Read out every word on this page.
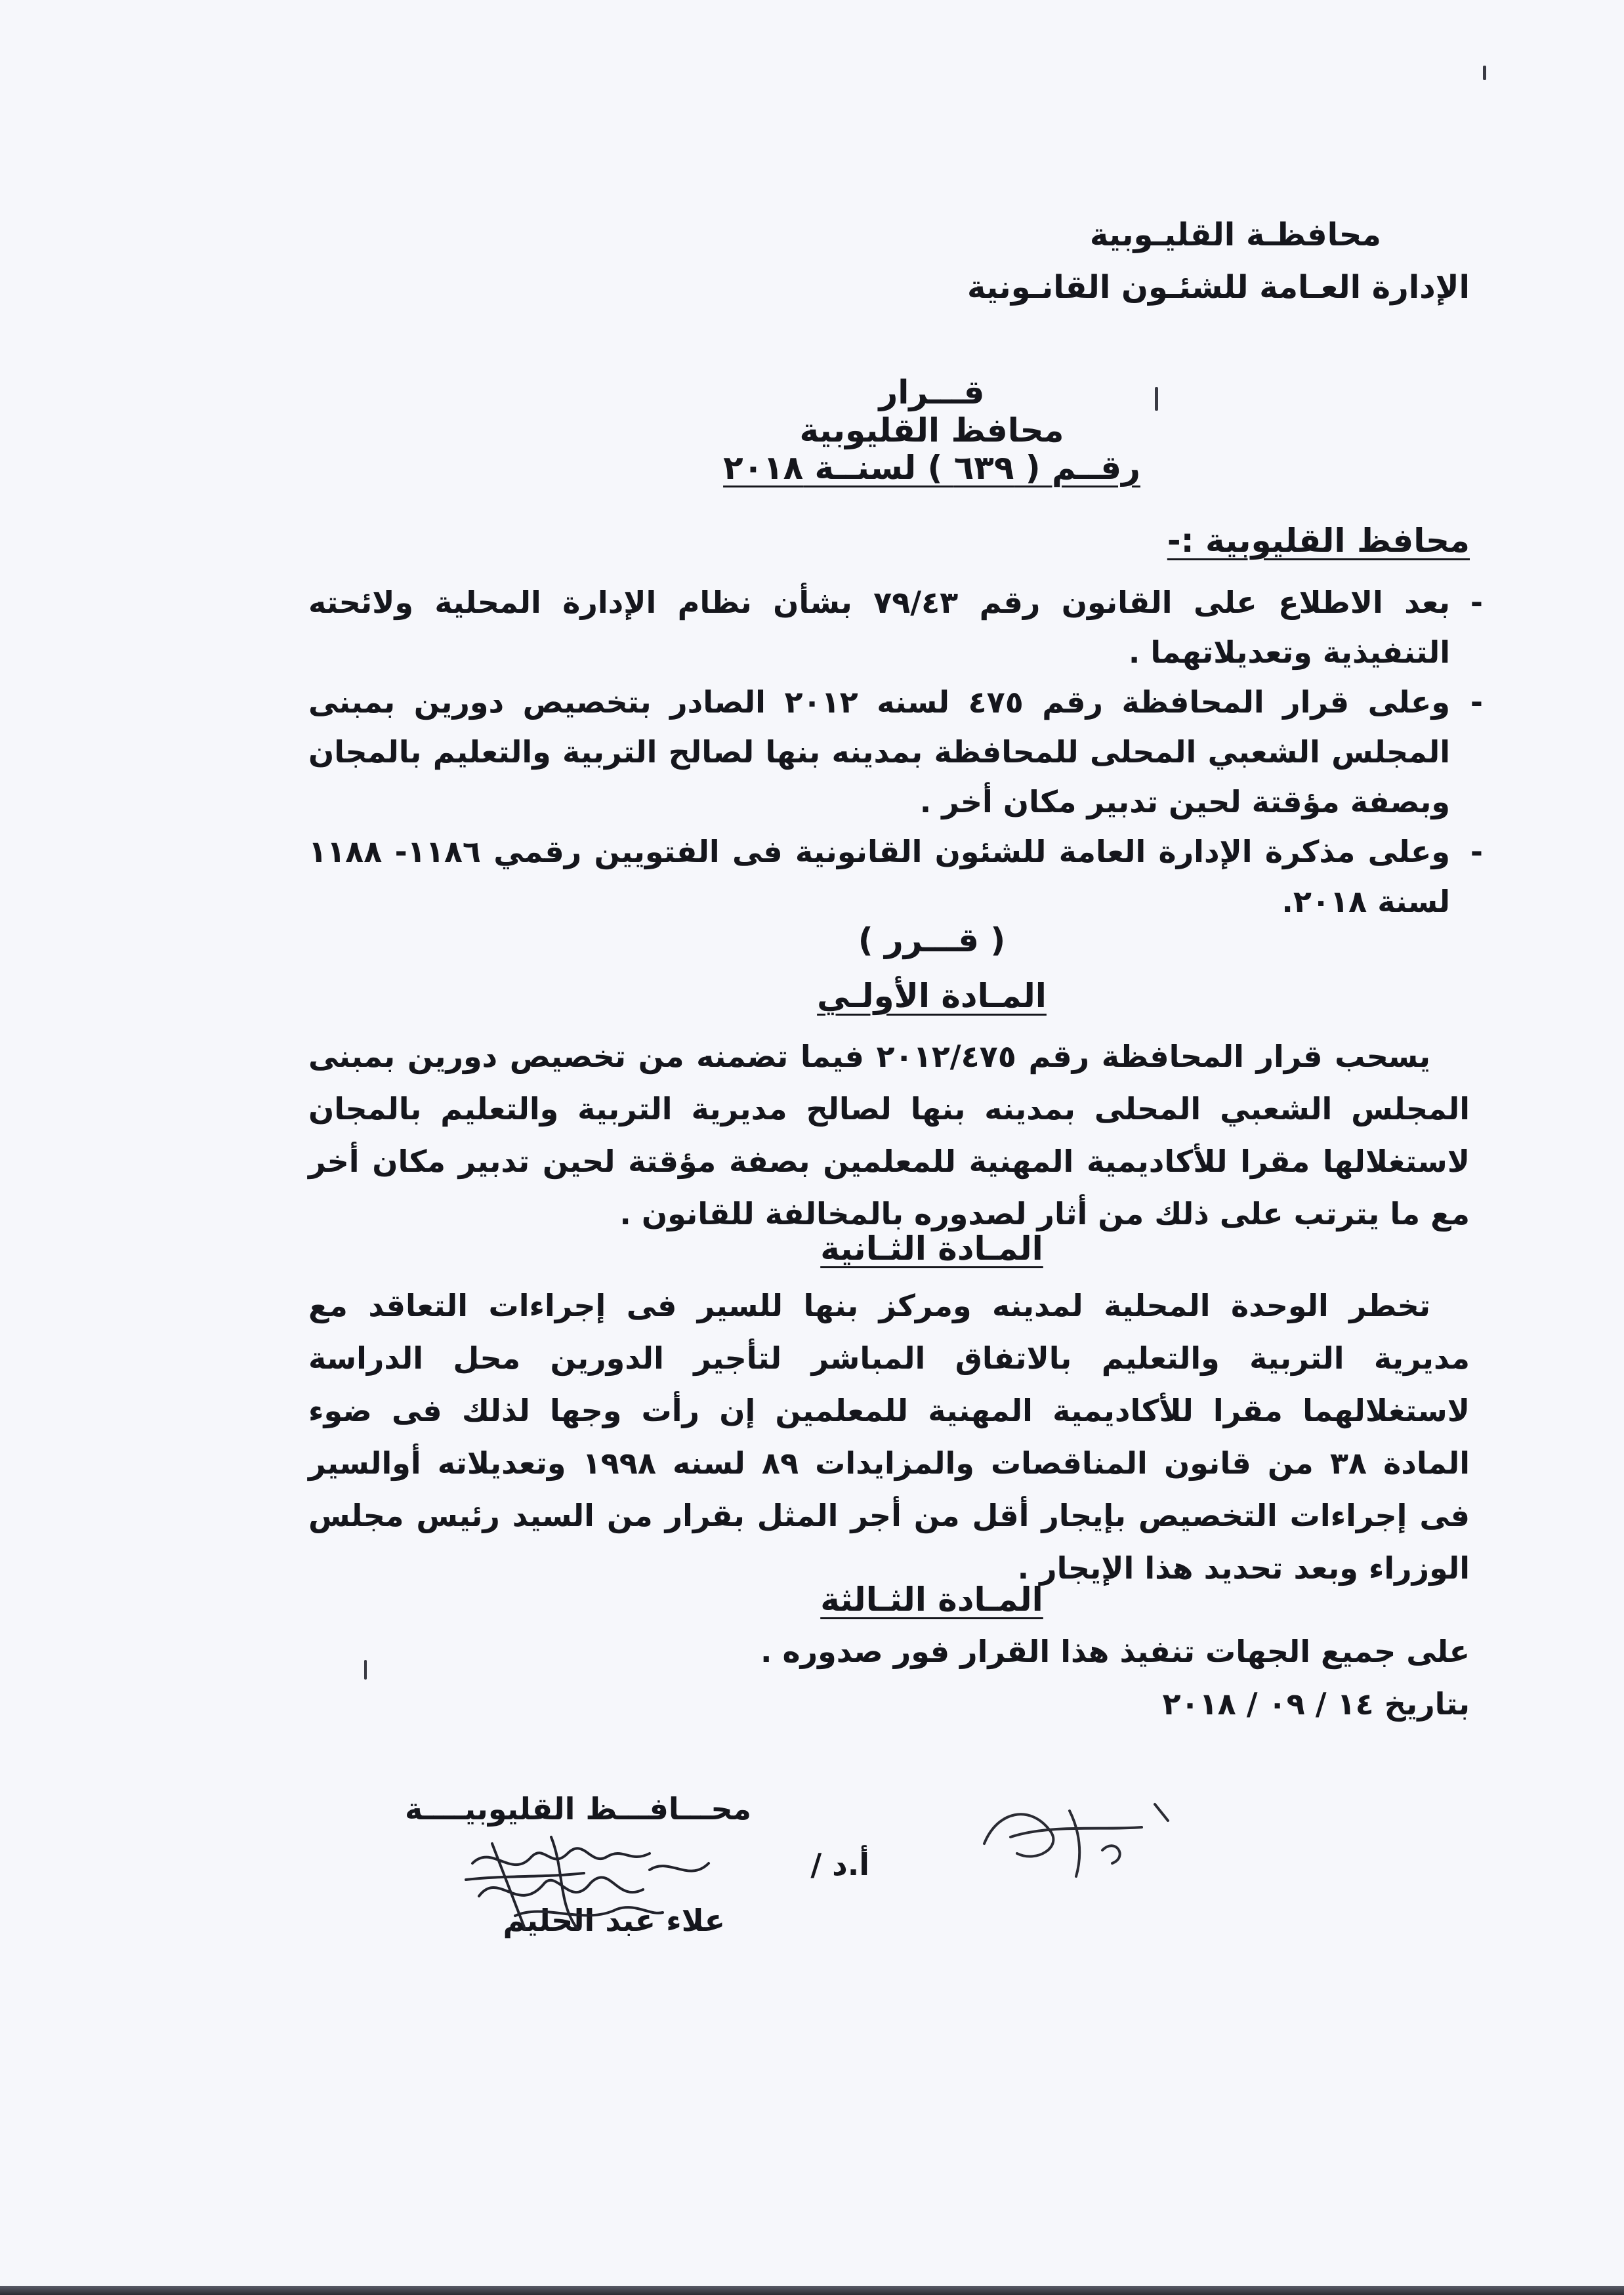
محافظـة القليـوبية
الإدارة العـامة للشئـون القانـونية
قـــرار
محافظ القليوبية
رقــم ( ٦٣٩ ) لسنــة ٢٠١٨
محافظ القليوبية :-
-
بعد الاطلاع على القانون رقم ٧٩/٤٣ بشأن نظام الإدارة المحلية ولائحته التنفيذية وتعديلاتهما .
-
وعلى قرار المحافظة رقم ٤٧٥ لسنه ٢٠١٢ الصادر بتخصيص دورين بمبنى المجلس الشعبي المحلى للمحافظة بمدينه بنها لصالح التربية والتعليم بالمجان وبصفة مؤقتة لحين تدبير مكان أخر .
-
وعلى مذكرة الإدارة العامة للشئون القانونية فى الفتويين رقمي ١١٨٦- ١١٨٨ لسنة ٢٠١٨.
( قـــرر )
المـادة الأولـي
يسحب قرار المحافظة رقم ٢٠١٢/٤٧٥ فيما تضمنه من تخصيص دورين بمبنى المجلس الشعبي المحلى بمدينه بنها لصالح مديرية التربية والتعليم بالمجان لاستغلالها مقرا للأكاديمية المهنية للمعلمين بصفة مؤقتة لحين تدبير مكان أخر مع ما يترتب على ذلك من أثار لصدوره بالمخالفة للقانون .
المـادة الثـانية
تخطر الوحدة المحلية لمدينه ومركز بنها للسير فى إجراءات التعاقد مع مديرية التربية والتعليم بالاتفاق المباشر لتأجير الدورين محل الدراسة لاستغلالهما مقرا للأكاديمية المهنية للمعلمين إن رأت وجها لذلك فى ضوء المادة ٣٨ من قانون المناقصات والمزايدات ٨٩ لسنه ١٩٩٨ وتعديلاته أوالسير فى إجراءات التخصيص بإيجار أقل من أجر المثل بقرار من السيد رئيس مجلس الوزراء وبعد تحديد هذا الإيجار .
المـادة الثـالثة
على جميع الجهات تنفيذ هذا القرار فور صدوره .
بتاريخ ١٤ / ٠٩ / ٢٠١٨
محـــافـــظ القليوبيــــة
أ.د /
علاء عبد الحليم
